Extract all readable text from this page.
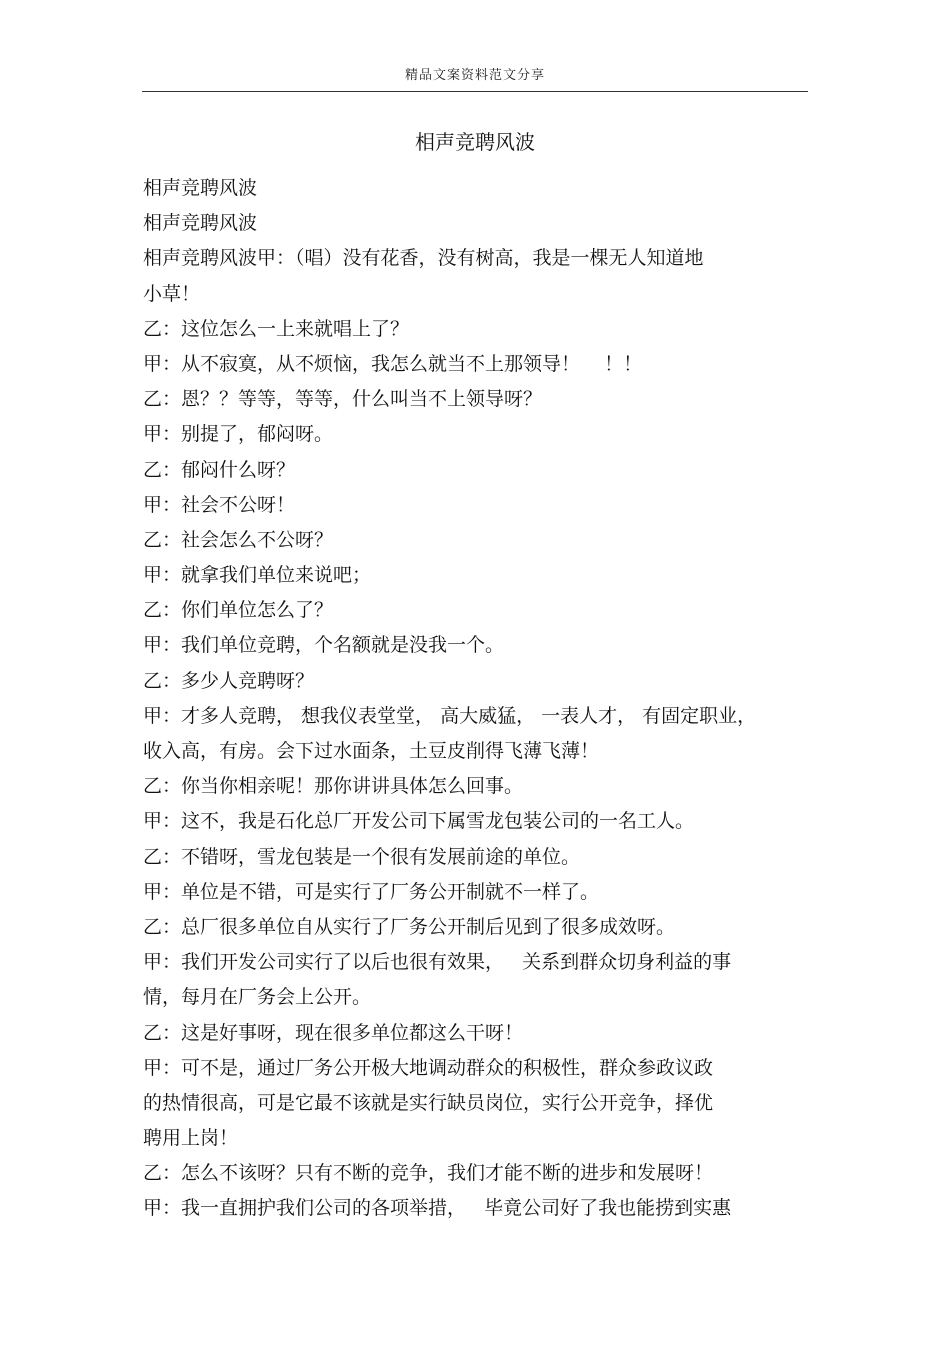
精品文案资料范文分享
相声竞聘风波
相声竞聘风波
相声竞聘风波
相声竞聘风波甲：（唱）没有花香，没有树高，我是一棵无人知道地
小草！
乙：这位怎么一上来就唱上了？
甲：从不寂寞，从不烦恼，我怎么就当不上那领导！    ！！
乙：恩？？等等，等等，什么叫当不上领导呀？
甲：别提了，郁闷呀。
乙：郁闷什么呀？
甲：社会不公呀！
乙：社会怎么不公呀？
甲：就拿我们单位来说吧；
乙：你们单位怎么了？
甲：我们单位竞聘，个名额就是没我一个。
乙：多少人竞聘呀？
甲：才多人竞聘， 想我仪表堂堂， 高大威猛， 一表人才， 有固定职业，
收入高，有房。会下过水面条，土豆皮削得飞薄飞薄！
乙：你当你相亲呢！那你讲讲具体怎么回事。
甲：这不，我是石化总厂开发公司下属雪龙包装公司的一名工人。
乙：不错呀，雪龙包装是一个很有发展前途的单位。
甲：单位是不错，可是实行了厂务公开制就不一样了。
乙：总厂很多单位自从实行了厂务公开制后见到了很多成效呀。
甲：我们开发公司实行了以后也很有效果，   关系到群众切身利益的事
情，每月在厂务会上公开。
乙：这是好事呀，现在很多单位都这么干呀！
甲：可不是，通过厂务公开极大地调动群众的积极性，群众参政议政
的热情很高，可是它最不该就是实行缺员岗位，实行公开竞争，择优
聘用上岗！
乙：怎么不该呀？只有不断的竞争，我们才能不断的进步和发展呀！
甲：我一直拥护我们公司的各项举措，   毕竟公司好了我也能捞到实惠
